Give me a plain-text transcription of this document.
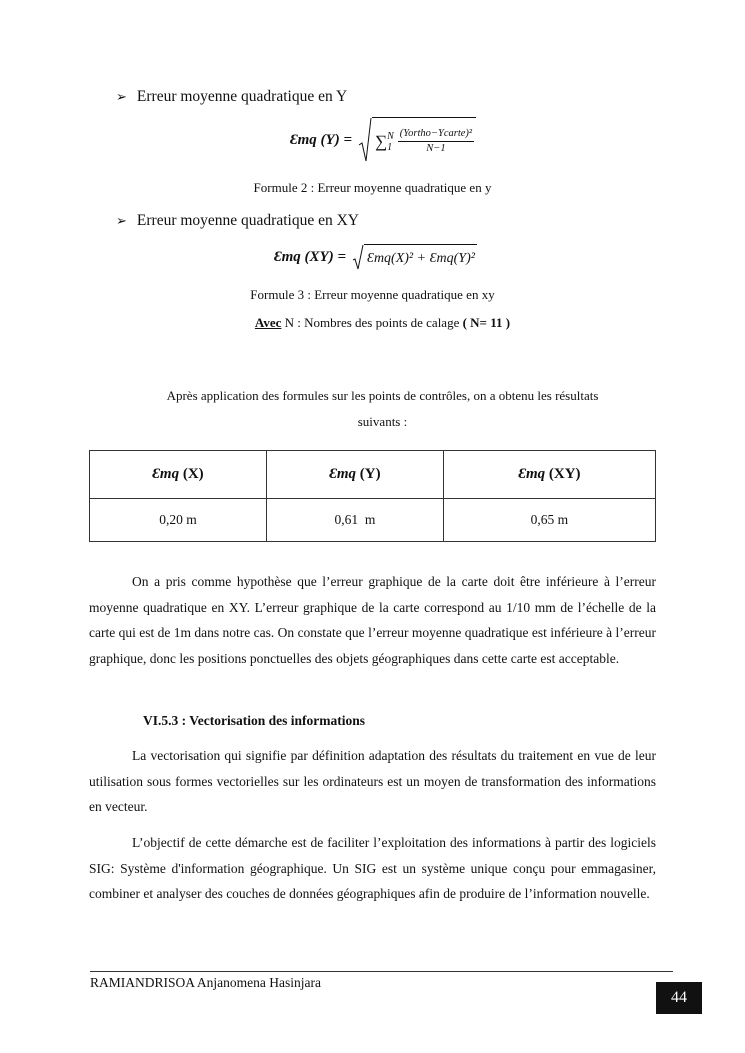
➢ Erreur moyenne quadratique en Y
Ɛmq (Y) = ∑ N
$1 \frac{\text{(Yortho−Ycarte)²}}{N-1}$
Formule 2 : Erreur moyenne quadratique en y
➢ Erreur moyenne quadratique en XY
Ɛmq (XY) = Ɛmq(X)² + Ɛmq(Y)²
Formule 3 : Erreur moyenne quadratique en xy
Avec N : Nombres des points de calage ( N= 11 )
Après application des formules sur les points de contrôles, on a obtenu les résultats
suivants :
Ɛmq (X)	Ɛmq (Y)	Ɛmq (XY)
0,20 m	0,61  m	0,65 m

On a pris comme hypothèse que l’erreur graphique de la carte doit être inférieure à l’erreur moyenne quadratique en XY. L’erreur graphique de la carte correspond au 1/10 mm de l’échelle de la carte qui est de 1m dans notre cas. On constate que l’erreur moyenne quadratique est inférieure à l’erreur graphique, donc les positions ponctuelles des objets géographiques dans cette carte est acceptable.

VI.5.3 : Vectorisation des informations

La vectorisation qui signifie par définition adaptation des résultats du traitement en vue de leur utilisation sous formes vectorielles sur les ordinateurs est un moyen de transformation des informations en vecteur.

L’objectif de cette démarche est de faciliter l’exploitation des informations à partir des logiciels SIG: Système d'information géographique. Un SIG est un système unique conçu pour emmagasiner, combiner et analyser des couches de données géographiques afin de produire de l’information nouvelle.

RAMIANDRISOA Anjanomena Hasinjara
44
